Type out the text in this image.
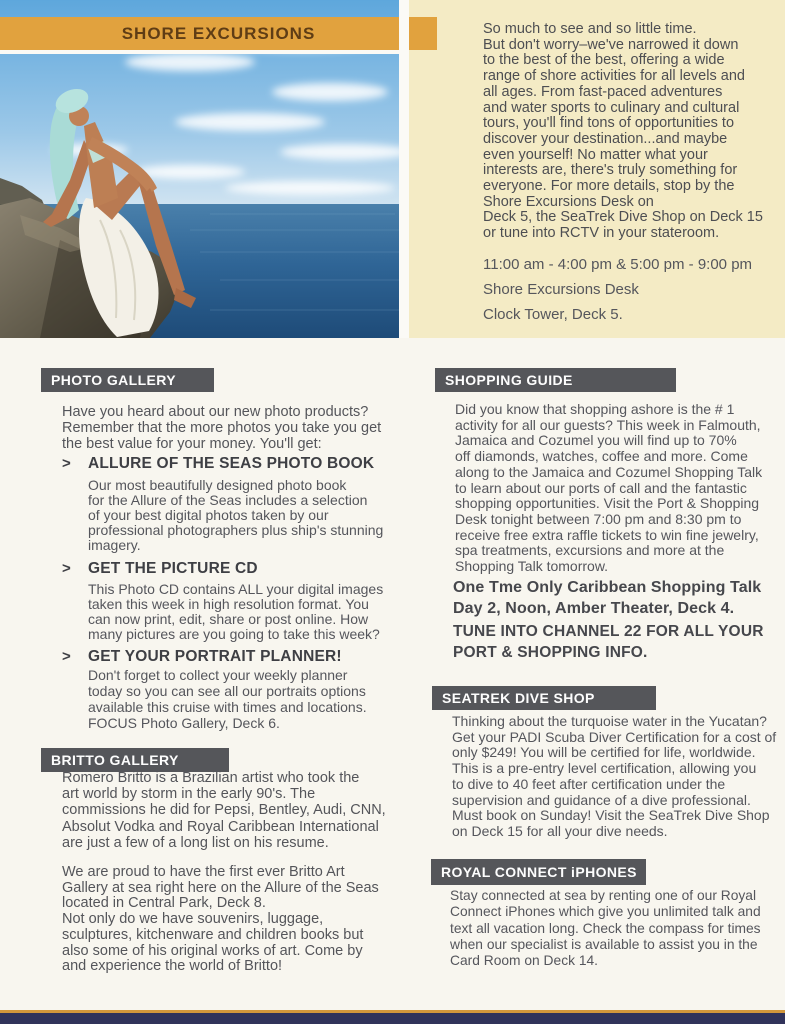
SHORE EXCURSIONS	So much to see and so little time.
But don't worry–we've narrowed it down
to the best of the best, offering a wide
range of shore activities for all levels and
all ages. From fast-paced adventures
and water sports to culinary and cultural
tours, you'll find tons of opportunities to
discover your destination...and maybe
even yourself! No matter what your
interests are, there's truly something for
everyone. For more details, stop by the
Shore Excursions Desk on
Deck 5, the SeaTrek Dive Shop on Deck 15
or tune into RCTV in your stateroom.
11:00 am - 4:00 pm & 5:00 pm - 9:00 pm
Shore Excursions Desk
Clock Tower, Deck 5.
PHOTO GALLERY
Have you heard about our new photo products?
Remember that the more photos you take you get
the best value for your money. You'll get:
> ALLURE OF THE SEAS PHOTO BOOK
Our most beautifully designed photo book
for the Allure of the Seas includes a selection
of your best digital photos taken by our
professional photographers plus ship's stunning
imagery.
> GET THE PICTURE CD
This Photo CD contains ALL your digital images
taken this week in high resolution format. You
can now print, edit, share or post online. How
many pictures are you going to take this week?
> GET YOUR PORTRAIT PLANNER!
Don't forget to collect your weekly planner
today so you can see all our portraits options
available this cruise with times and locations.
FOCUS Photo Gallery, Deck 6.
BRITTO GALLERY
Romero Britto is a Brazilian artist who took the
art world by storm in the early 90's. The
commissions he did for Pepsi, Bentley, Audi, CNN,
Absolut Vodka and Royal Caribbean International
are just a few of a long list on his resume.
We are proud to have the first ever Britto Art
Gallery at sea right here on the Allure of the Seas
located in Central Park, Deck 8.
Not only do we have souvenirs, luggage,
sculptures, kitchenware and children books but
also some of his original works of art. Come by
and experience the world of Britto!
SHOPPING GUIDE
Did you know that shopping ashore is the # 1
activity for all our guests? This week in Falmouth,
Jamaica and Cozumel you will find up to 70%
off diamonds, watches, coffee and more. Come
along to the Jamaica and Cozumel Shopping Talk
to learn about our ports of call and the fantastic
shopping opportunities. Visit the Port & Shopping
Desk tonight between 7:00 pm and 8:30 pm to
receive free extra raffle tickets to win fine jewelry,
spa treatments, excursions and more at the
Shopping Talk tomorrow.
One Tme Only Caribbean Shopping Talk
Day 2, Noon, Amber Theater, Deck 4.
TUNE INTO CHANNEL 22 FOR ALL YOUR
PORT & SHOPPING INFO.
SEATREK DIVE SHOP
Thinking about the turquoise water in the Yucatan?
Get your PADI Scuba Diver Certification for a cost of
only $249! You will be certified for life, worldwide.
This is a pre-entry level certification, allowing you
to dive to 40 feet after certification under the
supervision and guidance of a dive professional.
Must book on Sunday! Visit the SeaTrek Dive Shop
on Deck 15 for all your dive needs.
ROYAL CONNECT iPHONES
Stay connected at sea by renting one of our Royal
Connect iPhones which give you unlimited talk and
text all vacation long. Check the compass for times
when our specialist is available to assist you in the
Card Room on Deck 14.
